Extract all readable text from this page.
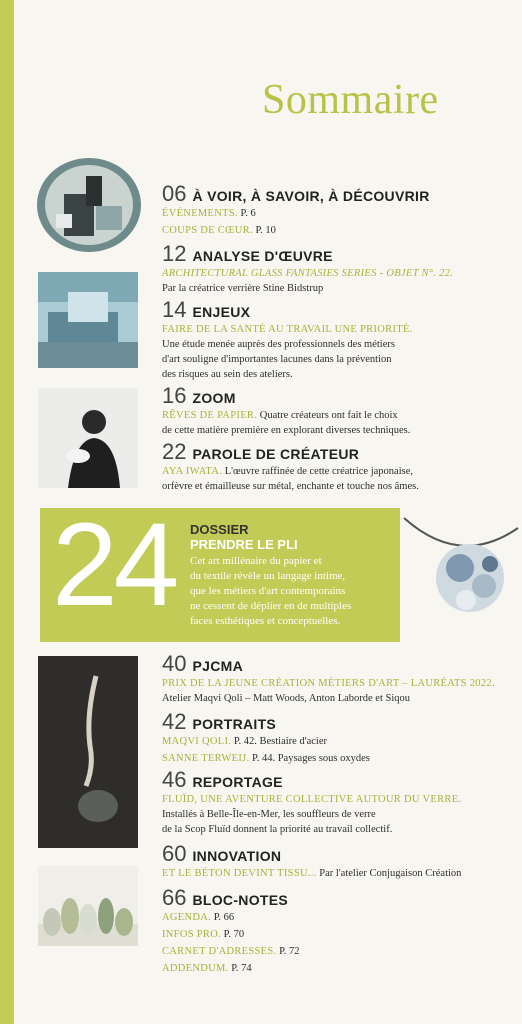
Sommaire
06 À VOIR, À SAVOIR, À DÉCOUVRIR
ÉVÉNEMENTS. P. 6
COUPS DE CŒUR. P. 10
12 ANALYSE D'ŒUVRE
ARCHITECTURAL GLASS FANTASIES SERIES - OBJET N°. 22.
Par la créatrice verrière Stine Bidstrup
14 ENJEUX
FAIRE DE LA SANTÉ AU TRAVAIL UNE PRIORITÉ.
Une étude menée auprès des professionnels des métiers
d'art souligne d'importantes lacunes dans la prévention
des risques au sein des ateliers.
16 ZOOM
RÊVES DE PAPIER. Quatre créateurs ont fait le choix
de cette matière première en explorant diverses techniques.
22 PAROLE DE CRÉATEUR
AYA IWATA. L'œuvre raffinée de cette créatrice japonaise,
orfèvre et émailleuse sur métal, enchante et touche nos âmes.
24 DOSSIER
PRENDRE LE PLI
Cet art millénaire du papier et
du textile révèle un langage intime,
que les métiers d'art contemporains
ne cessent de déplier en de multiples
faces esthétiques et conceptuelles.
40 PJCMA
PRIX DE LA JEUNE CRÉATION MÉTIERS D'ART – LAURÉATS 2022.
Atelier Maqvi Qoli – Matt Woods, Anton Laborde et Siqou
42 PORTRAITS
MAQVI QOLI. P. 42. Bestiaire d'acier
SANNE TERWEIJ. P. 44. Paysages sous oxydes
46 REPORTAGE
FLUÏD, UNE AVENTURE COLLECTIVE AUTOUR DU VERRE.
Installés à Belle-Île-en-Mer, les souffleurs de verre
de la Scop Fluïd donnent la priorité au travail collectif.
60 INNOVATION
ET LE BÉTON DEVINT TISSU... Par l'atelier Conjugaison Création
66 BLOC-NOTES
AGENDA. P. 66
INFOS PRO. P. 70
CARNET D'ADRESSES. P. 72
ADDENDUM. P. 74
